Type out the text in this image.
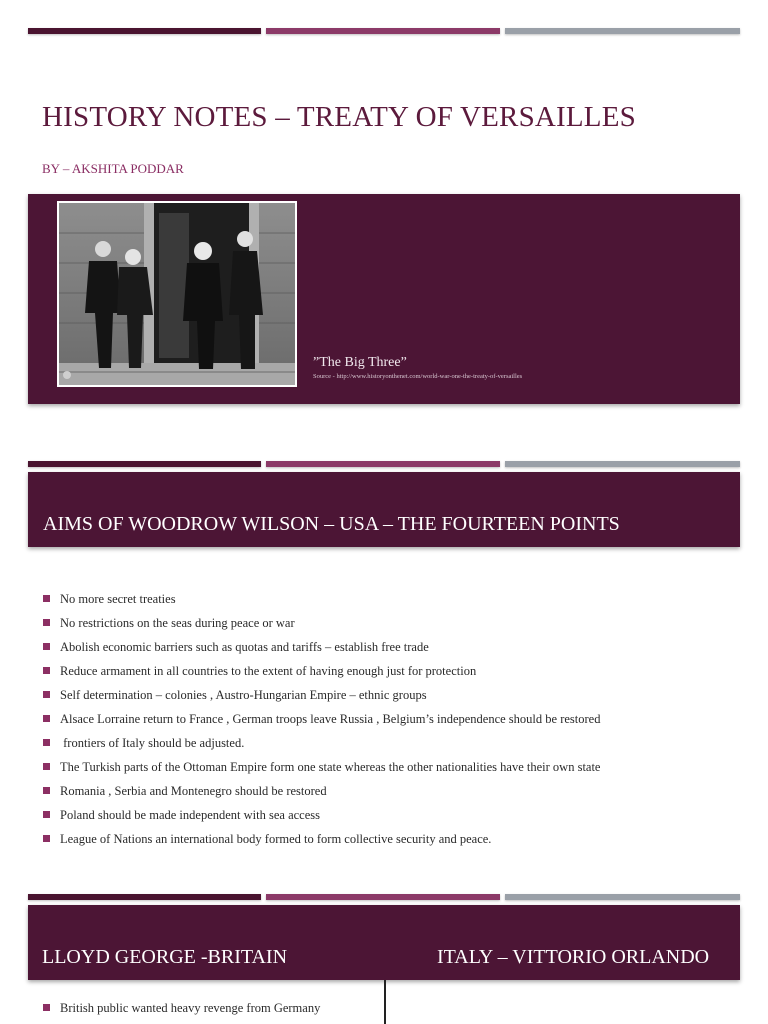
HISTORY NOTES – TREATY OF VERSAILLES
BY – AKSHITA PODDAR
”The Big Three”
Source - http://www.historyonthenet.com/world-war-one-the-treaty-of-versailles
AIMS OF WOODROW WILSON – USA – THE FOURTEEN POINTS
No more secret treaties
No restrictions on the seas during peace or war
Abolish economic barriers such as quotas and tariffs – establish free trade
Reduce armament in all countries to the extent of having enough just for protection
Self determination – colonies , Austro-Hungarian Empire – ethnic groups
Alsace Lorraine return to France , German troops leave Russia , Belgium’s independence should be restored
frontiers of Italy should be adjusted.
The Turkish parts of the Ottoman Empire form one state whereas the other nationalities have their own state
Romania , Serbia and Montenegro should be restored
Poland should be made independent with sea access
League of Nations an international body formed to form collective security and peace.
LLOYD GEORGE -BRITAIN	ITALY – VITTORIO ORLANDO
British public wanted heavy revenge from Germany
